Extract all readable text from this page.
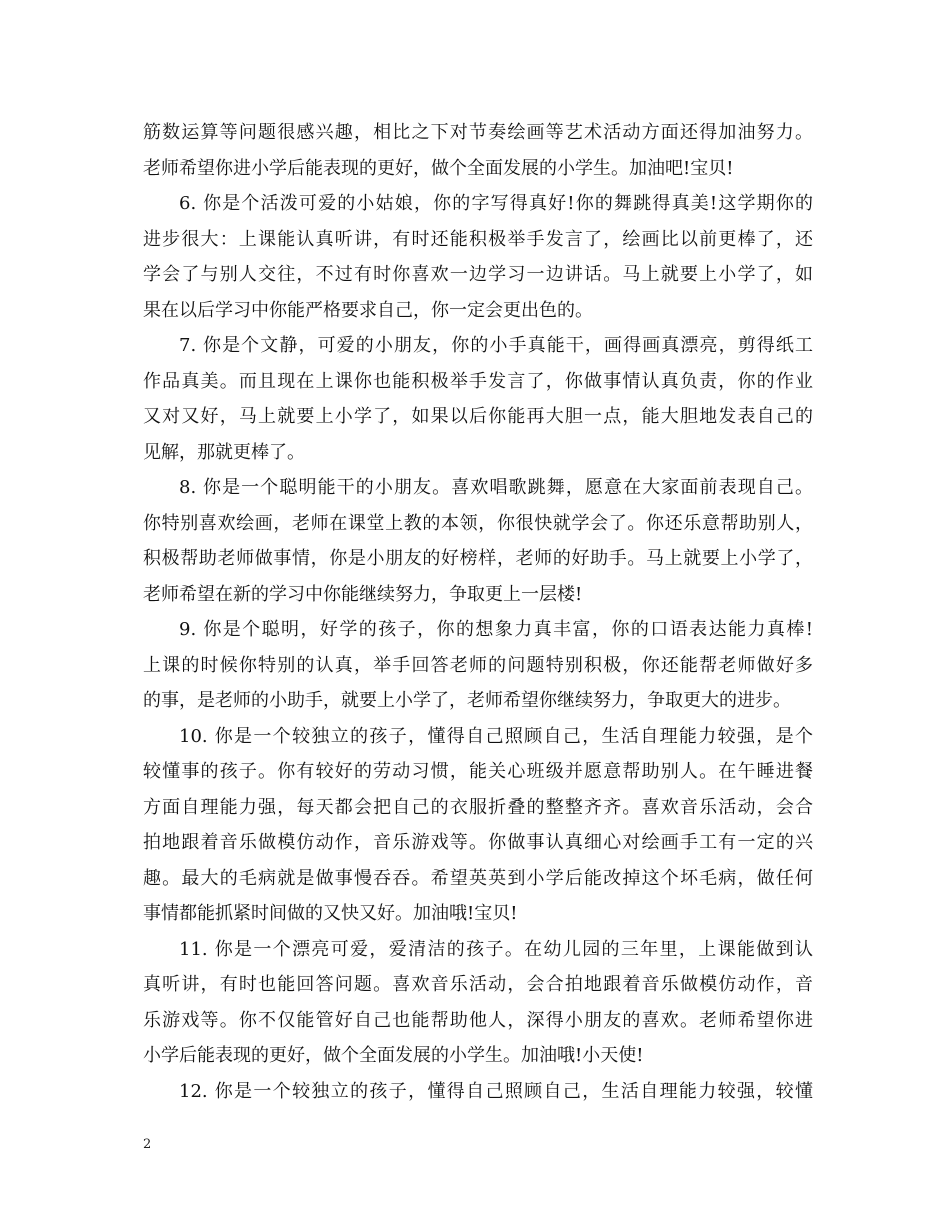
筋数运算等问题很感兴趣，相比之下对节奏绘画等艺术活动方面还得加油努力。
老师希望你进小学后能表现的更好，做个全面发展的小学生。加油吧!宝贝!
6. 你是个活泼可爱的小姑娘，你的字写得真好!你的舞跳得真美!这学期你的
进步很大：上课能认真听讲，有时还能积极举手发言了，绘画比以前更棒了，还
学会了与别人交往，不过有时你喜欢一边学习一边讲话。马上就要上小学了，如
果在以后学习中你能严格要求自己，你一定会更出色的。
7. 你是个文静，可爱的小朋友，你的小手真能干，画得画真漂亮，剪得纸工
作品真美。而且现在上课你也能积极举手发言了，你做事情认真负责，你的作业
又对又好，马上就要上小学了，如果以后你能再大胆一点，能大胆地发表自己的
见解，那就更棒了。
8. 你是一个聪明能干的小朋友。喜欢唱歌跳舞，愿意在大家面前表现自己。
你特别喜欢绘画，老师在课堂上教的本领，你很快就学会了。你还乐意帮助别人，
积极帮助老师做事情，你是小朋友的好榜样，老师的好助手。马上就要上小学了，
老师希望在新的学习中你能继续努力，争取更上一层楼!
9. 你是个聪明，好学的孩子，你的想象力真丰富，你的口语表达能力真棒!
上课的时候你特别的认真，举手回答老师的问题特别积极，你还能帮老师做好多
的事，是老师的小助手，就要上小学了，老师希望你继续努力，争取更大的进步。
10. 你是一个较独立的孩子，懂得自己照顾自己，生活自理能力较强，是个
较懂事的孩子。你有较好的劳动习惯，能关心班级并愿意帮助别人。在午睡进餐
方面自理能力强，每天都会把自己的衣服折叠的整整齐齐。喜欢音乐活动，会合
拍地跟着音乐做模仿动作，音乐游戏等。你做事认真细心对绘画手工有一定的兴
趣。最大的毛病就是做事慢吞吞。希望英英到小学后能改掉这个坏毛病，做任何
事情都能抓紧时间做的又快又好。加油哦!宝贝!
11. 你是一个漂亮可爱，爱清洁的孩子。在幼儿园的三年里，上课能做到认
真听讲，有时也能回答问题。喜欢音乐活动，会合拍地跟着音乐做模仿动作，音
乐游戏等。你不仅能管好自己也能帮助他人，深得小朋友的喜欢。老师希望你进
小学后能表现的更好，做个全面发展的小学生。加油哦!小天使!
12. 你是一个较独立的孩子，懂得自己照顾自己，生活自理能力较强，较懂
2
